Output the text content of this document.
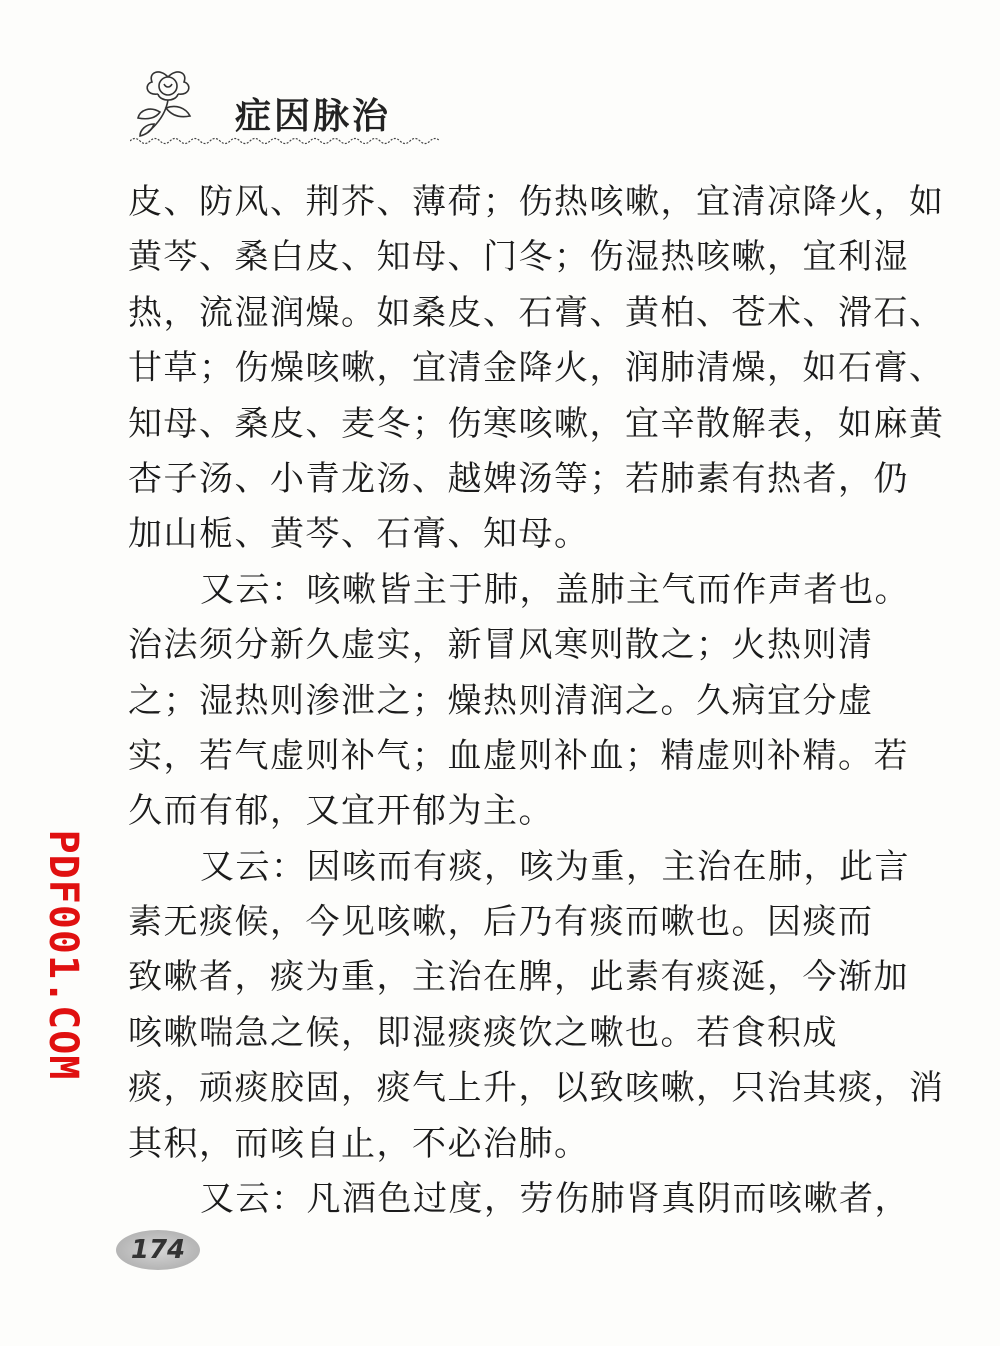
症因脉治
皮、防风、荆芥、薄荷；伤热咳嗽，宜清凉降火，如
黄芩、桑白皮、知母、门冬；伤湿热咳嗽，宜利湿
热，流湿润燥。如桑皮、石膏、黄柏、苍术、滑石、
甘草；伤燥咳嗽，宜清金降火，润肺清燥，如石膏、
知母、桑皮、麦冬；伤寒咳嗽，宜辛散解表，如麻黄
杏子汤、小青龙汤、越婢汤等；若肺素有热者，仍
加山栀、黄芩、石膏、知母。
又云：咳嗽皆主于肺，盖肺主气而作声者也。
治法须分新久虚实，新冒风寒则散之；火热则清
之；湿热则渗泄之；燥热则清润之。久病宜分虚
实，若气虚则补气；血虚则补血；精虚则补精。若
久而有郁，又宜开郁为主。
又云：因咳而有痰，咳为重，主治在肺，此言
素无痰候，今见咳嗽，后乃有痰而嗽也。因痰而
致嗽者，痰为重，主治在脾，此素有痰涎，今渐加
咳嗽喘急之候，即湿痰痰饮之嗽也。若食积成
痰，顽痰胶固，痰气上升，以致咳嗽，只治其痰，消
其积，而咳自止，不必治肺。
又云：凡酒色过度，劳伤肺肾真阴而咳嗽者，
PDF001.COM
174
